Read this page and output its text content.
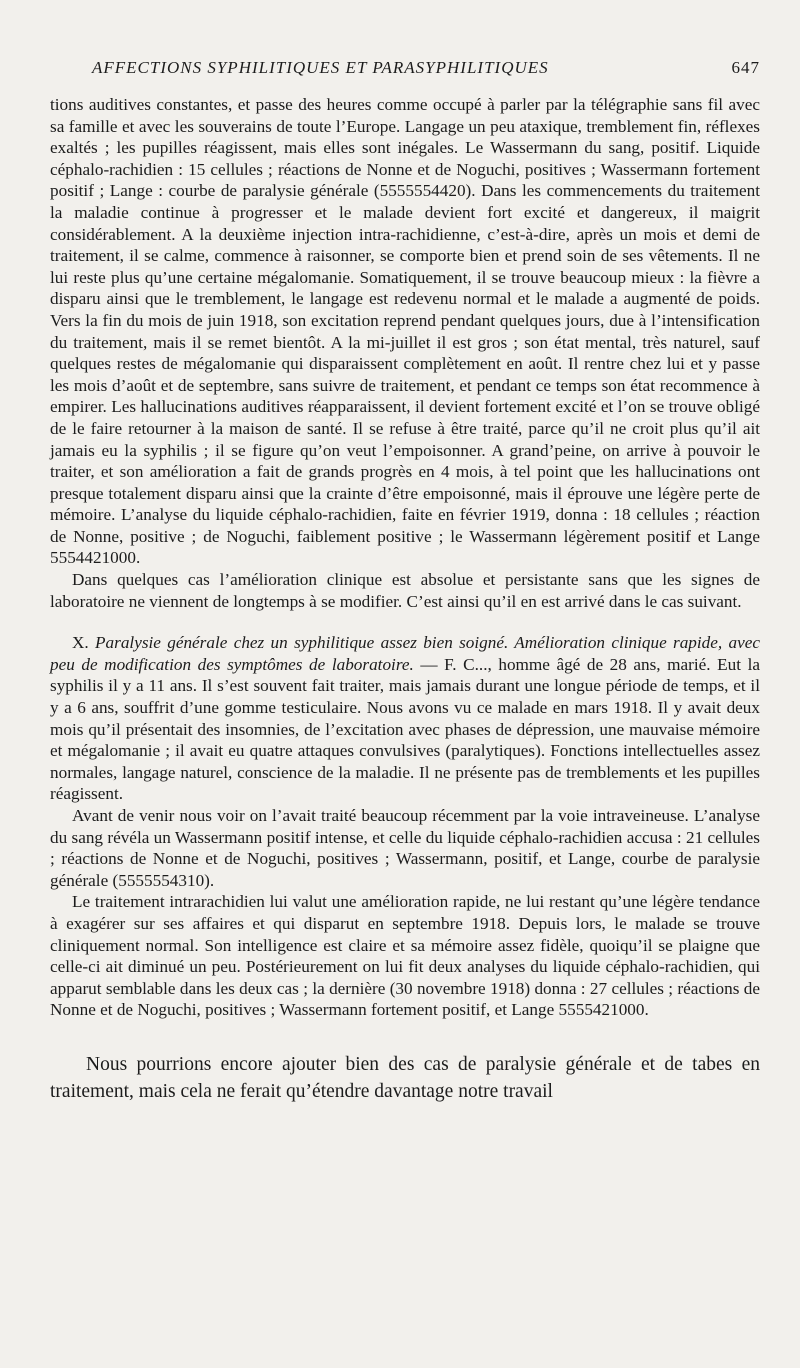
AFFECTIONS SYPHILITIQUES ET PARASYPHILITIQUES	647

tions auditives constantes, et passe des heures comme occupé à parler par la télégraphie sans fil avec sa famille et avec les souverains de toute l’Europe. Langage un peu ataxique, tremblement fin, réflexes exaltés ; les pupilles réagissent, mais elles sont inégales. Le Wassermann du sang, positif. Liquide céphalo-rachidien : 15 cellules ; réactions de Nonne et de Noguchi, positives ; Wassermann fortement positif ; Lange : courbe de paralysie générale (5555554420). Dans les commencements du traitement la maladie continue à progresser et le malade devient fort excité et dangereux, il maigrit considérablement. A la deuxième injection intra-rachidienne, c’est-à-dire, après un mois et demi de traitement, il se calme, commence à raisonner, se comporte bien et prend soin de ses vêtements. Il ne lui reste plus qu’une certaine mégalomanie. Somatiquement, il se trouve beaucoup mieux : la fièvre a disparu ainsi que le tremblement, le langage est redevenu normal et le malade a augmenté de poids. Vers la fin du mois de juin 1918, son excitation reprend pendant quelques jours, due à l’intensification du traitement, mais il se remet bientôt. A la mi-juillet il est gros ; son état mental, très naturel, sauf quelques restes de mégalomanie qui disparaissent complètement en août. Il rentre chez lui et y passe les mois d’août et de septembre, sans suivre de traitement, et pendant ce temps son état recommence à empirer. Les hallucinations auditives réapparaissent, il devient fortement excité et l’on se trouve obligé de le faire retourner à la maison de santé. Il se refuse à être traité, parce qu’il ne croit plus qu’il ait jamais eu la syphilis ; il se figure qu’on veut l’empoisonner. A grand’peine, on arrive à pouvoir le traiter, et son amélioration a fait de grands progrès en 4 mois, à tel point que les hallucinations ont presque totalement disparu ainsi que la crainte d’être empoisonné, mais il éprouve une légère perte de mémoire. L’analyse du liquide céphalo-rachidien, faite en février 1919, donna : 18 cellules ; réaction de Nonne, positive ; de Noguchi, faiblement positive ; le Wassermann légèrement positif et Lange 5554421000.

Dans quelques cas l’amélioration clinique est absolue et persistante sans que les signes de laboratoire ne viennent de longtemps à se modifier. C’est ainsi qu’il en est arrivé dans le cas suivant.

X. Paralysie générale chez un syphilitique assez bien soigné. Amélioration clinique rapide, avec peu de modification des symptômes de laboratoire. — F. C..., homme âgé de 28 ans, marié. Eut la syphilis il y a 11 ans. Il s’est souvent fait traiter, mais jamais durant une longue période de temps, et il y a 6 ans, souffrit d’une gomme testiculaire. Nous avons vu ce malade en mars 1918. Il y avait deux mois qu’il présentait des insomnies, de l’excitation avec phases de dépression, une mauvaise mémoire et mégalomanie ; il avait eu quatre attaques convulsives (paralytiques). Fonctions intellectuelles assez normales, langage naturel, conscience de la maladie. Il ne présente pas de tremblements et les pupilles réagissent.

Avant de venir nous voir on l’avait traité beaucoup récemment par la voie intraveineuse. L’analyse du sang révéla un Wassermann positif intense, et celle du liquide céphalo-rachidien accusa : 21 cellules ; réactions de Nonne et de Noguchi, positives ; Wassermann, positif, et Lange, courbe de paralysie générale (5555554310).

Le traitement intrarachidien lui valut une amélioration rapide, ne lui restant qu’une légère tendance à exagérer sur ses affaires et qui disparut en septembre 1918. Depuis lors, le malade se trouve cliniquement normal. Son intelligence est claire et sa mémoire assez fidèle, quoiqu’il se plaigne que celle-ci ait diminué un peu. Postérieurement on lui fit deux analyses du liquide céphalo-rachidien, qui apparut semblable dans les deux cas ; la dernière (30 novembre 1918) donna : 27 cellules ; réactions de Nonne et de Noguchi, positives ; Wassermann fortement positif, et Lange 5555421000.

Nous pourrions encore ajouter bien des cas de paralysie générale et de tabes en traitement, mais cela ne ferait qu’étendre davantage notre travail
